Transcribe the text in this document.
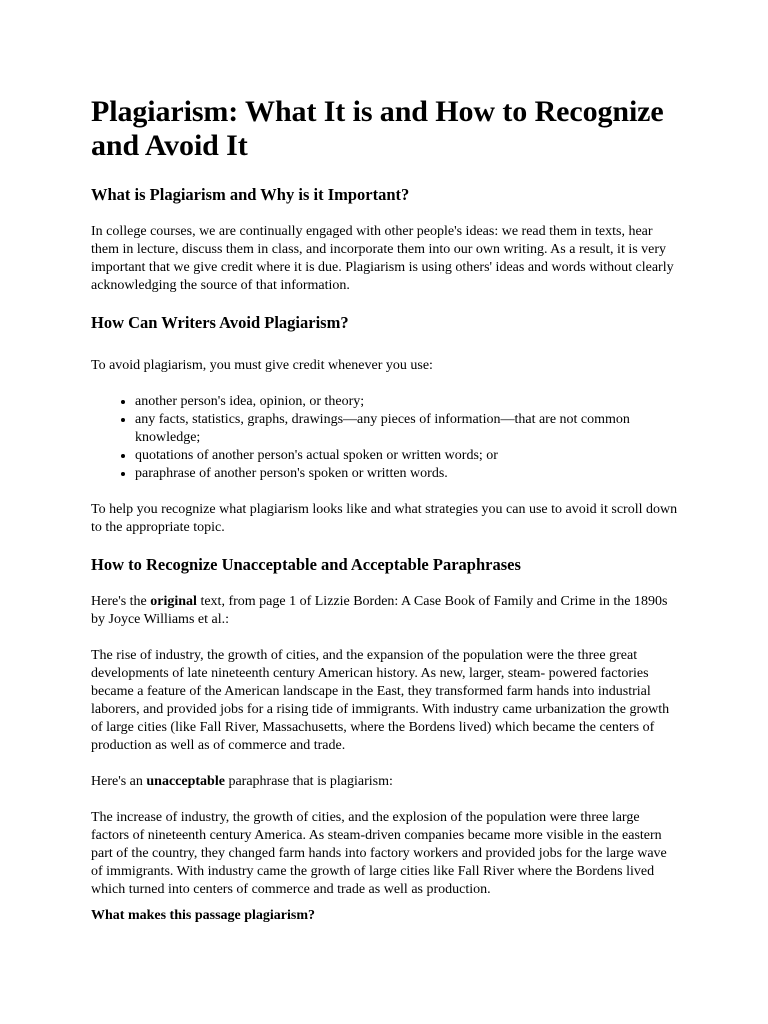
Plagiarism: What It is and How to Recognize and Avoid It
What is Plagiarism and Why is it Important?

In college courses, we are continually engaged with other people's ideas: we read them in texts, hear them in lecture, discuss them in class, and incorporate them into our own writing. As a result, it is very important that we give credit where it is due. Plagiarism is using others' ideas and words without clearly acknowledging the source of that information.

How Can Writers Avoid Plagiarism?

To avoid plagiarism, you must give credit whenever you use:

• another person's idea, opinion, or theory;
• any facts, statistics, graphs, drawings—any pieces of information—that are not common knowledge;
• quotations of another person's actual spoken or written words; or
• paraphrase of another person's spoken or written words.

To help you recognize what plagiarism looks like and what strategies you can use to avoid it scroll down to the appropriate topic.

How to Recognize Unacceptable and Acceptable Paraphrases

Here's the original text, from page 1 of Lizzie Borden: A Case Book of Family and Crime in the 1890s by Joyce Williams et al.:

The rise of industry, the growth of cities, and the expansion of the population were the three great developments of late nineteenth century American history. As new, larger, steam- powered factories became a feature of the American landscape in the East, they transformed farm hands into industrial laborers, and provided jobs for a rising tide of immigrants. With industry came urbanization the growth of large cities (like Fall River, Massachusetts, where the Bordens lived) which became the centers of production as well as of commerce and trade.

Here's an unacceptable paraphrase that is plagiarism:

The increase of industry, the growth of cities, and the explosion of the population were three large factors of nineteenth century America. As steam-driven companies became more visible in the eastern part of the country, they changed farm hands into factory workers and provided jobs for the large wave of immigrants. With industry came the growth of large cities like Fall River where the Bordens lived which turned into centers of commerce and trade as well as production.

What makes this passage plagiarism?
